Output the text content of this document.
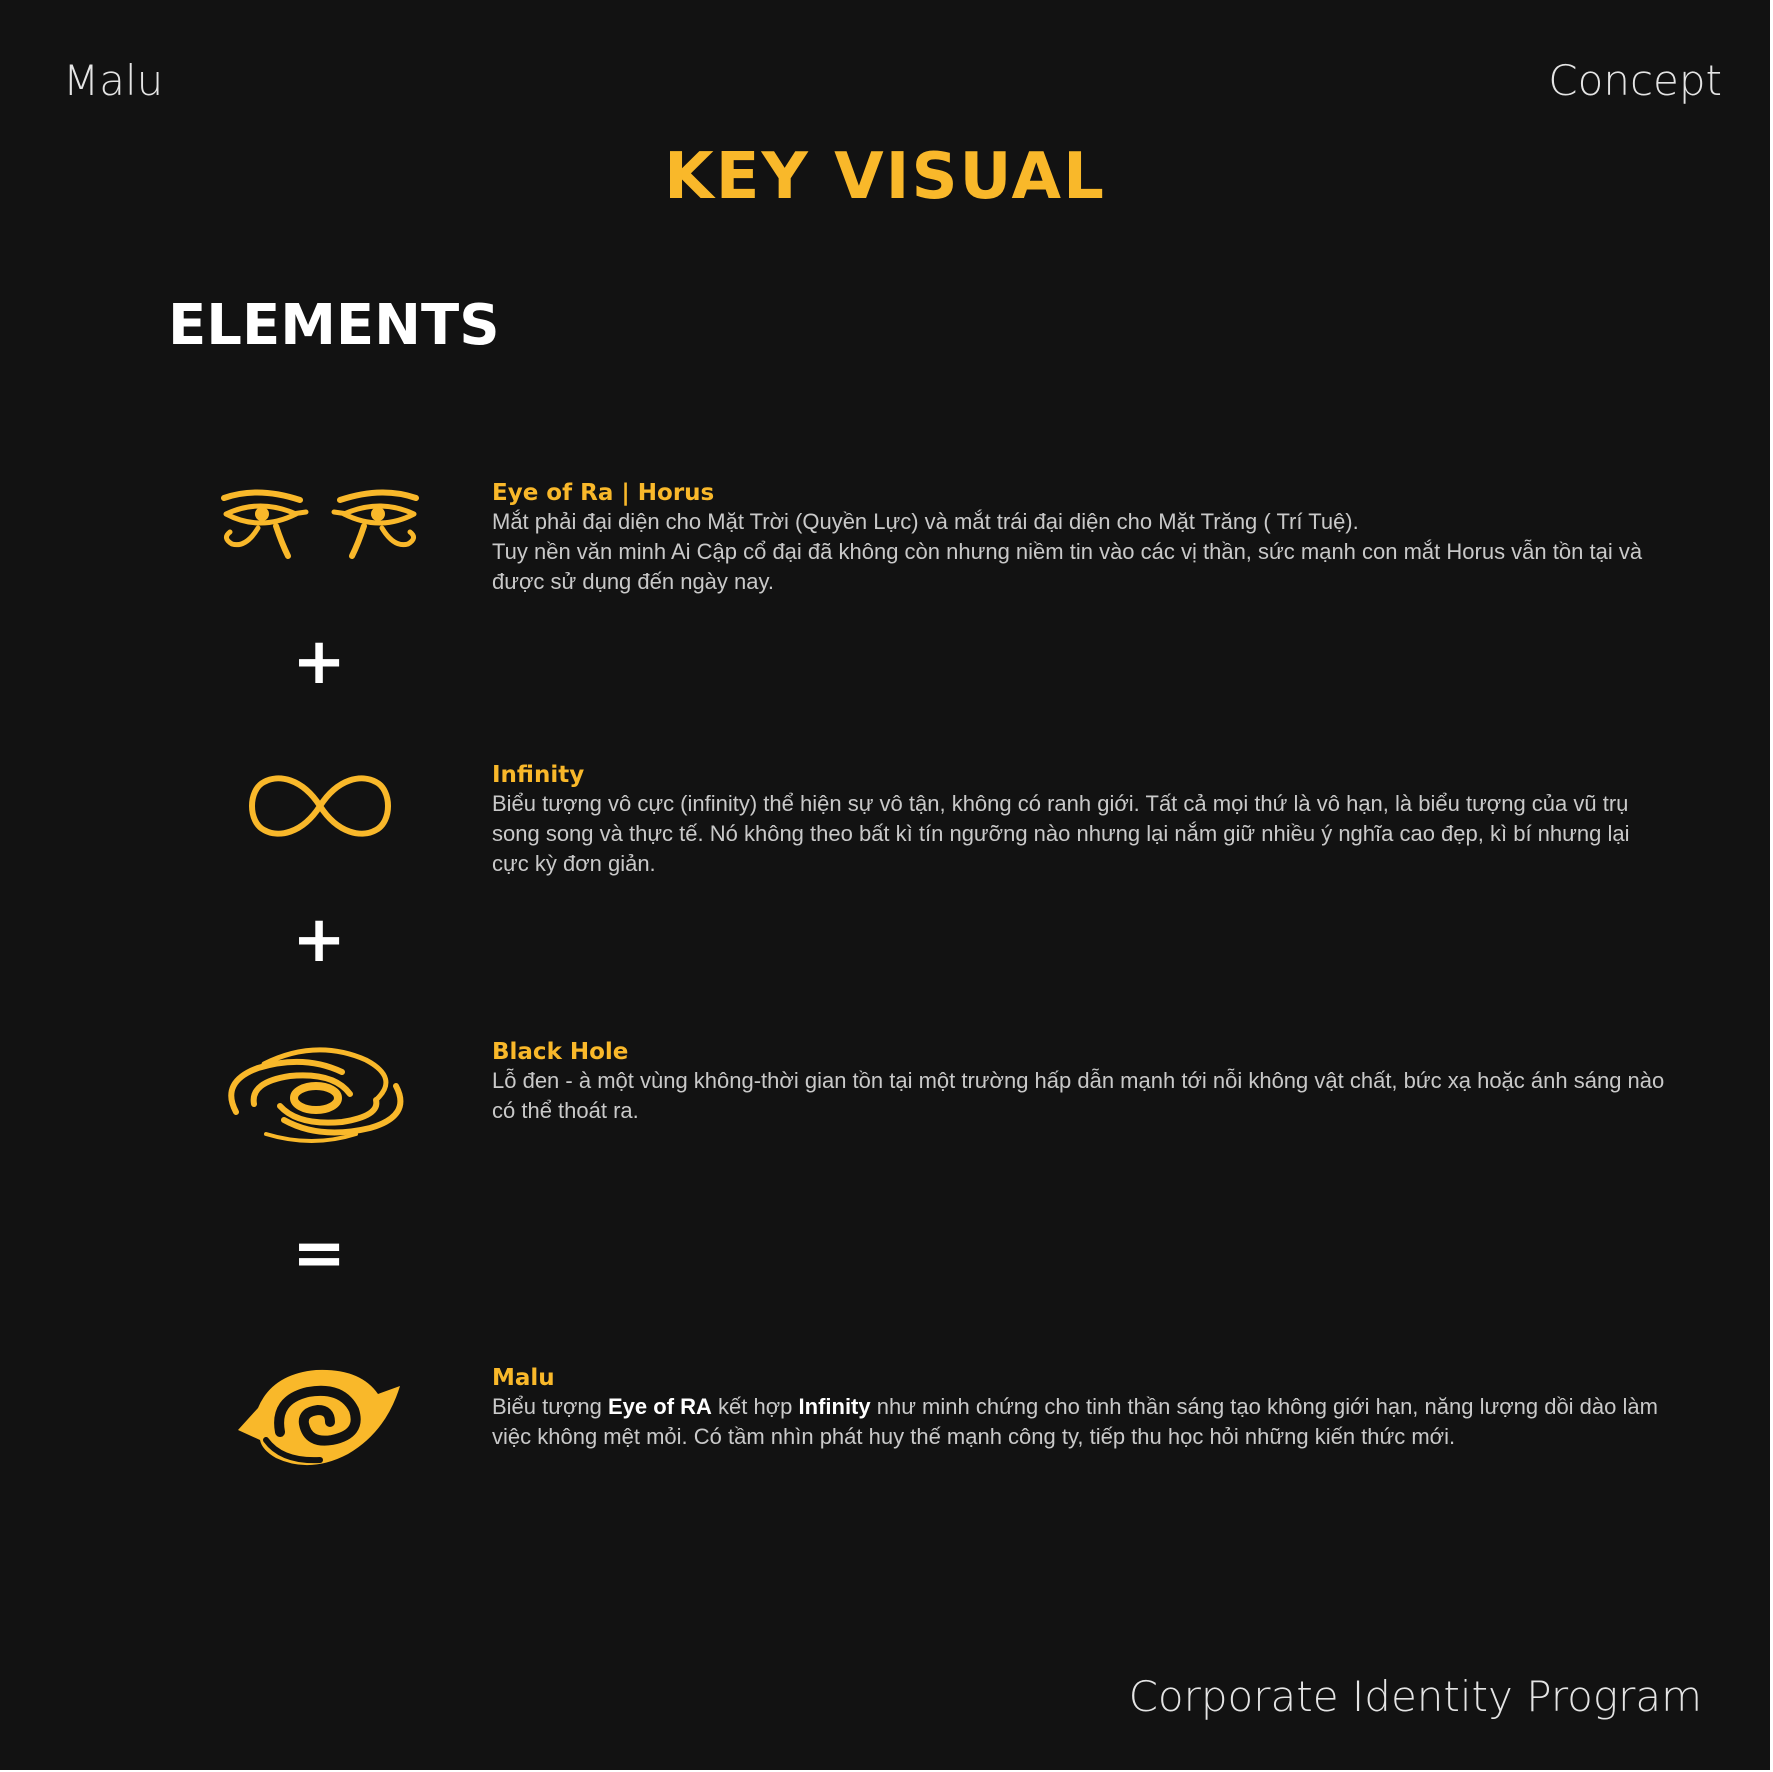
Malu	Concept
KEY VISUAL
ELEMENTS
+
+
=
Eye of Ra | Horus

Mắt phải đại diện cho Mặt Trời (Quyền Lực) và mắt trái đại diện cho Mặt Trăng ( Trí Tuệ).
Tuy nền văn minh Ai Cập cổ đại đã không còn nhưng niềm tin vào các vị thần, sức mạnh con mắt Horus vẫn tồn tại và được sử dụng đến ngày nay.

Infinity

Biểu tượng vô cực (infinity) thể hiện sự vô tận, không có ranh giới. Tất cả mọi thứ là vô hạn, là biểu tượng của vũ trụ song song và thực tế. Nó không theo bất kì tín ngưỡng nào nhưng lại nắm giữ nhiều ý nghĩa cao đẹp, kì bí nhưng lại cực kỳ đơn giản.

Black Hole

Lỗ đen - à một vùng không-thời gian tồn tại một trường hấp dẫn mạnh tới nỗi không vật chất, bức xạ hoặc ánh sáng nào có thể thoát ra.

Malu

Biểu tượng Eye of RA kết hợp Infinity như minh chứng cho tinh thần sáng tạo không giới hạn, năng lượng dồi dào làm việc không mệt mỏi. Có tầm nhìn phát huy thế mạnh công ty, tiếp thu học hỏi những kiến thức mới.

Corporate Identity Program
